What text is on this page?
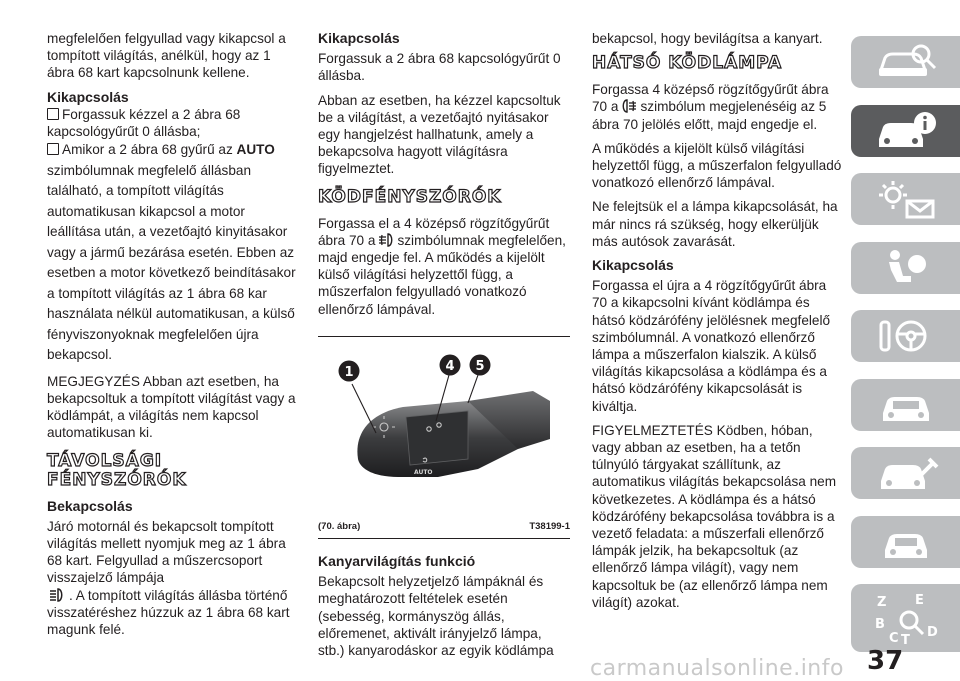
megfelelően felgyullad vagy kikapcsol a tompított világítás, anélkül, hogy az 1 ábra 68 kart kapcsolnunk kellene.

Kikapcsolás

Forgassuk kézzel a 2 ábra 68 kapcsológyűrűt 0 állásba;

Amikor a 2 ábra 68 gyűrű az AUTO szimbólumnak megfelelő állásban található, a tompított világítás automatikusan kikapcsol a motor leállítása után, a vezetőajtó kinyitásakor vagy a jármű bezárása esetén. Ebben az esetben a motor következő beindításakor a tompított világítás az 1 ábra 68 kar használata nélkül automatikusan, a külső fényviszonyoknak megfelelően újra bekapcsol.

MEGJEGYZÉS Abban azt esetben, ha bekapcsoltuk a tompított világítást vagy a ködlámpát, a világítás nem kapcsol automatikusan ki.

TÁVOLSÁGI FÉNYSZÓRÓK
Bekapcsolás

Járó motornál és bekapcsolt tompított világítás mellett nyomjuk meg az 1 ábra 68 kart. Felgyullad a műszercsoport visszajelző lámpája
. A tompított világítás állásba történő visszatéréshez húzzuk az 1 ábra 68 kart magunk felé.

Kikapcsolás

Forgassuk a 2 ábra 68 kapcsológyűrűt 0 állásba.

Abban az esetben, ha kézzel kapcsoltuk be a világítást, a vezetőajtó nyitásakor egy hangjelzést hallhatunk, amely a bekapcsolva hagyott világításra figyelmeztet.

KÖDFÉNYSZÓRÓK

Forgassa el a 4 középső rögzítőgyűrűt ábra 70 a szimbólumnak megfelelően, majd engedje fel. A működés a kijelölt külső világítási helyzettől függ, a műszerfalon felgyulladó vonatkozó ellenőrző lámpával.

AUTO
1	4 5
(70. ábra)	T38199-1
Kanyarvilágítás funkció

Bekapcsolt helyzetjelző lámpáknál és meghatározott feltételek esetén (sebesség, kormányszög állás, előremenet, aktivált irányjelző lámpa, stb.) kanyarodáskor az egyik ködlámpa

bekapcsol, hogy bevilágítsa a kanyart.

HÁTSÓ KÖDLÁMPA

Forgassa 4 középső rögzítőgyűrűt ábra 70 a szimbólum megjelenéséig az 5 ábra 70 jelölés előtt, majd engedje el.

A működés a kijelölt külső világítási helyzettől függ, a műszerfalon felgyulladó vonatkozó ellenőrző lámpával.

Ne felejtsük el a lámpa kikapcsolását, ha már nincs rá szükség, hogy elkerüljük más autósok zavarását.

Kikapcsolás

Forgassa el újra a 4 rögzítőgyűrűt ábra 70 a kikapcsolni kívánt ködlámpa és hátsó ködzárófény jelölésnek megfelelő szimbólumnál. A vonatkozó ellenőrző lámpa a műszerfalon kialszik. A külső világítás kikapcsolása a ködlámpa és a hátsó ködzárófény kikapcsolását is kiváltja.

FIGYELMEZTETÉS Ködben, hóban, vagy abban az esetben, ha a tetőn túlnyúló tárgyakat szállítunk, az automatikus világítás bekapcsolása nem következetes. A ködlámpa és a hátsó ködzárófény bekapcsolása továbbra is a vezető feladata: a műszerfali ellenőrző lámpák jelzik, ha bekapcsoltuk (az ellenőrző lámpa világít), vagy nem kapcsoltuk be (az ellenőrző lámpa nem világít) azokat.	Z E
B
C T
D
37
carmanualsonline.info
